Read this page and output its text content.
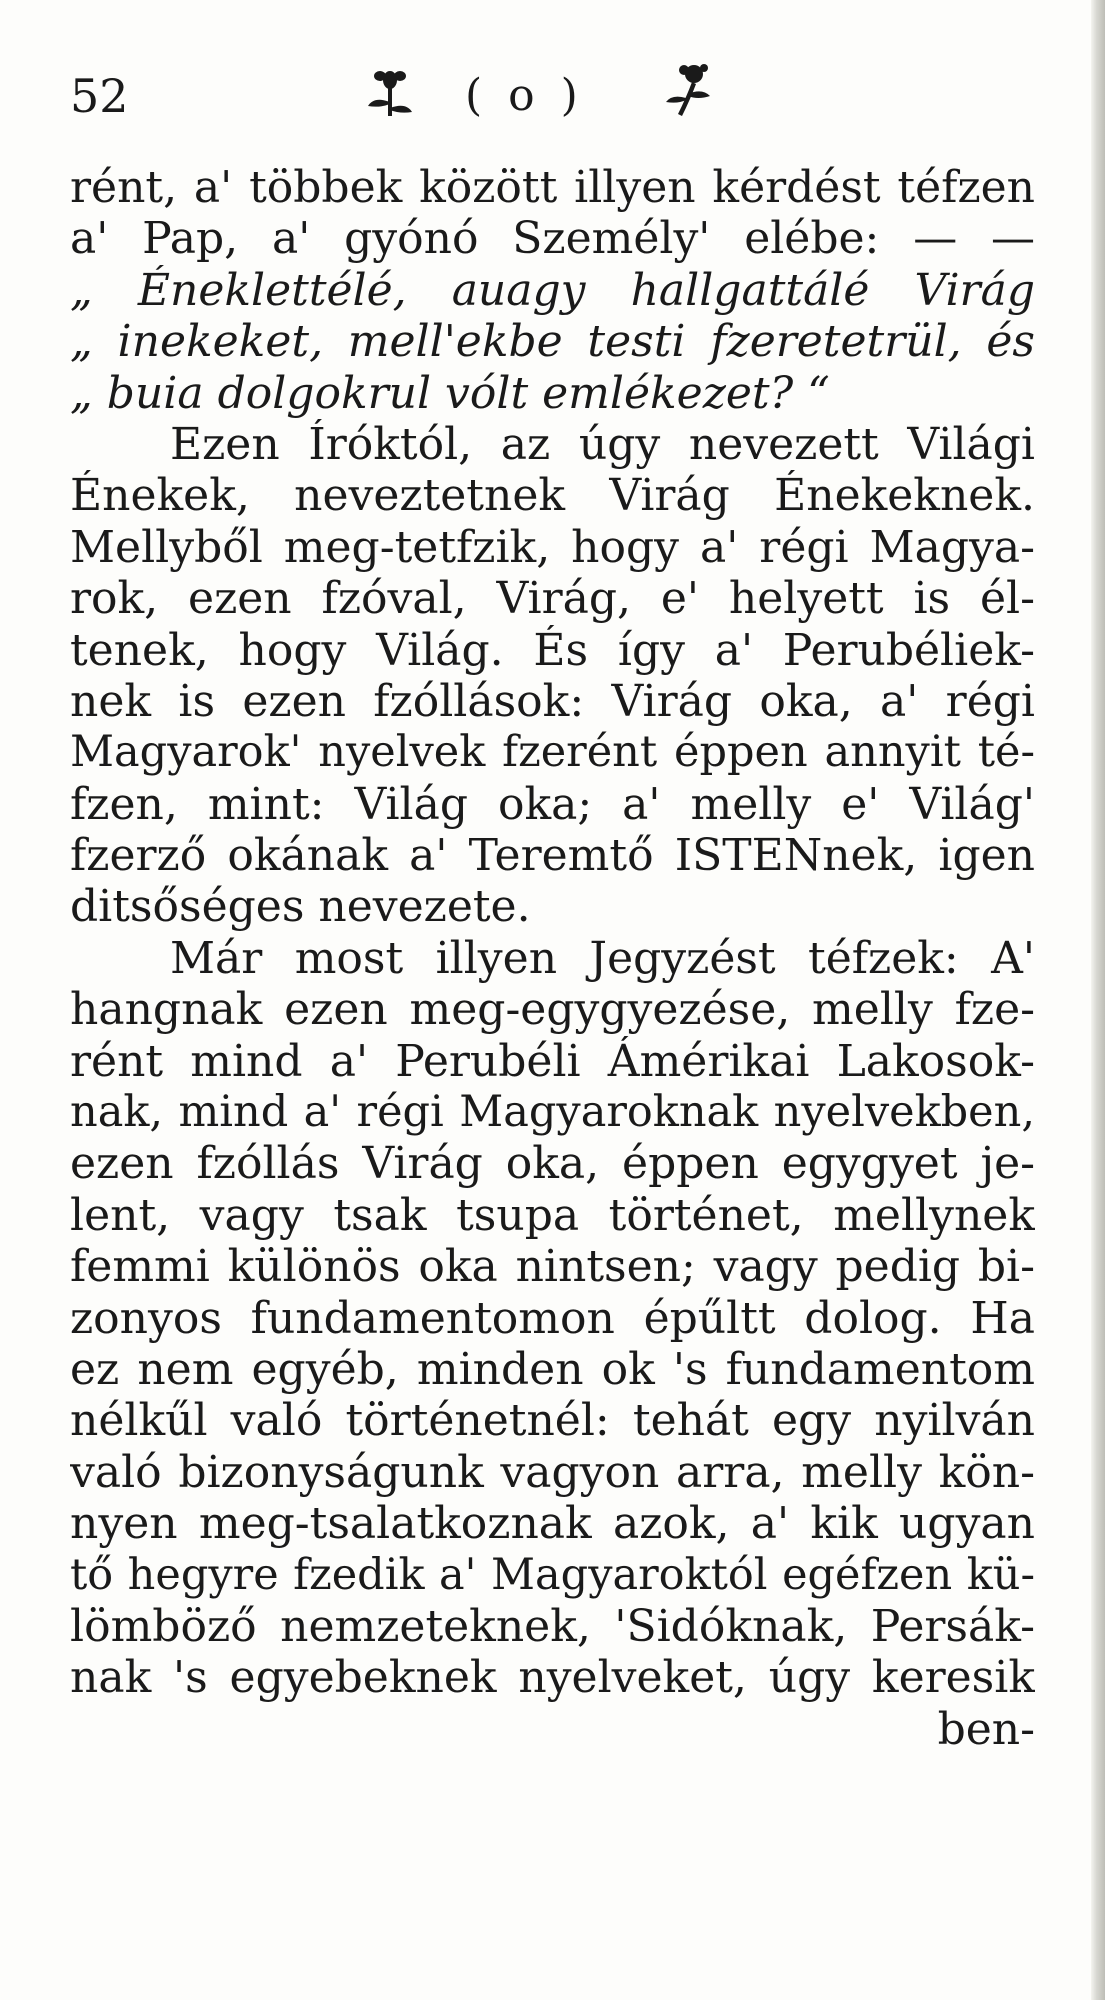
52	( o )
rént, a' többek között illyen kérdést téfzen
a' Pap, a' gyónó Személy' elébe: — —
„ Éneklettélé, auagy hallgattálé Virág
„ inekeket, mell'ekbe testi fzeretetrül, és
„ buia dolgokrul vólt emlékezet? “
Ezen Íróktól, az úgy nevezett Világi
Énekek, neveztetnek Virág Énekeknek.
Mellyből meg-tetfzik, hogy a' régi Magya-
rok, ezen fzóval, Virág, e' helyett is él-
tenek, hogy Világ. És így a' Perubéliek-
nek is ezen fzóllások: Virág oka, a' régi
Magyarok' nyelvek fzerént éppen annyit té-
fzen, mint: Világ oka; a' melly e' Világ'
fzerző okának a' Teremtő ISTENnek, igen
ditsőséges nevezete.
Már most illyen Jegyzést téfzek: A'
hangnak ezen meg-egygyezése, melly fze-
rént mind a' Perubéli Ámérikai Lakosok-
nak, mind a' régi Magyaroknak nyelvekben,
ezen fzóllás Virág oka, éppen egygyet je-
lent, vagy tsak tsupa történet, mellynek
femmi különös oka nintsen; vagy pedig bi-
zonyos fundamentomon épűltt dolog. Ha
ez nem egyéb, minden ok 's fundamentom
nélkűl való történetnél: tehát egy nyilván
való bizonyságunk vagyon arra, melly kön-
nyen meg-tsalatkoznak azok, a' kik ugyan
tő hegyre fzedik a' Magyaroktól egéfzen kü-
lömböző nemzeteknek, 'Sidóknak, Persák-
nak 's egyebeknek nyelveket, úgy keresik
ben-
